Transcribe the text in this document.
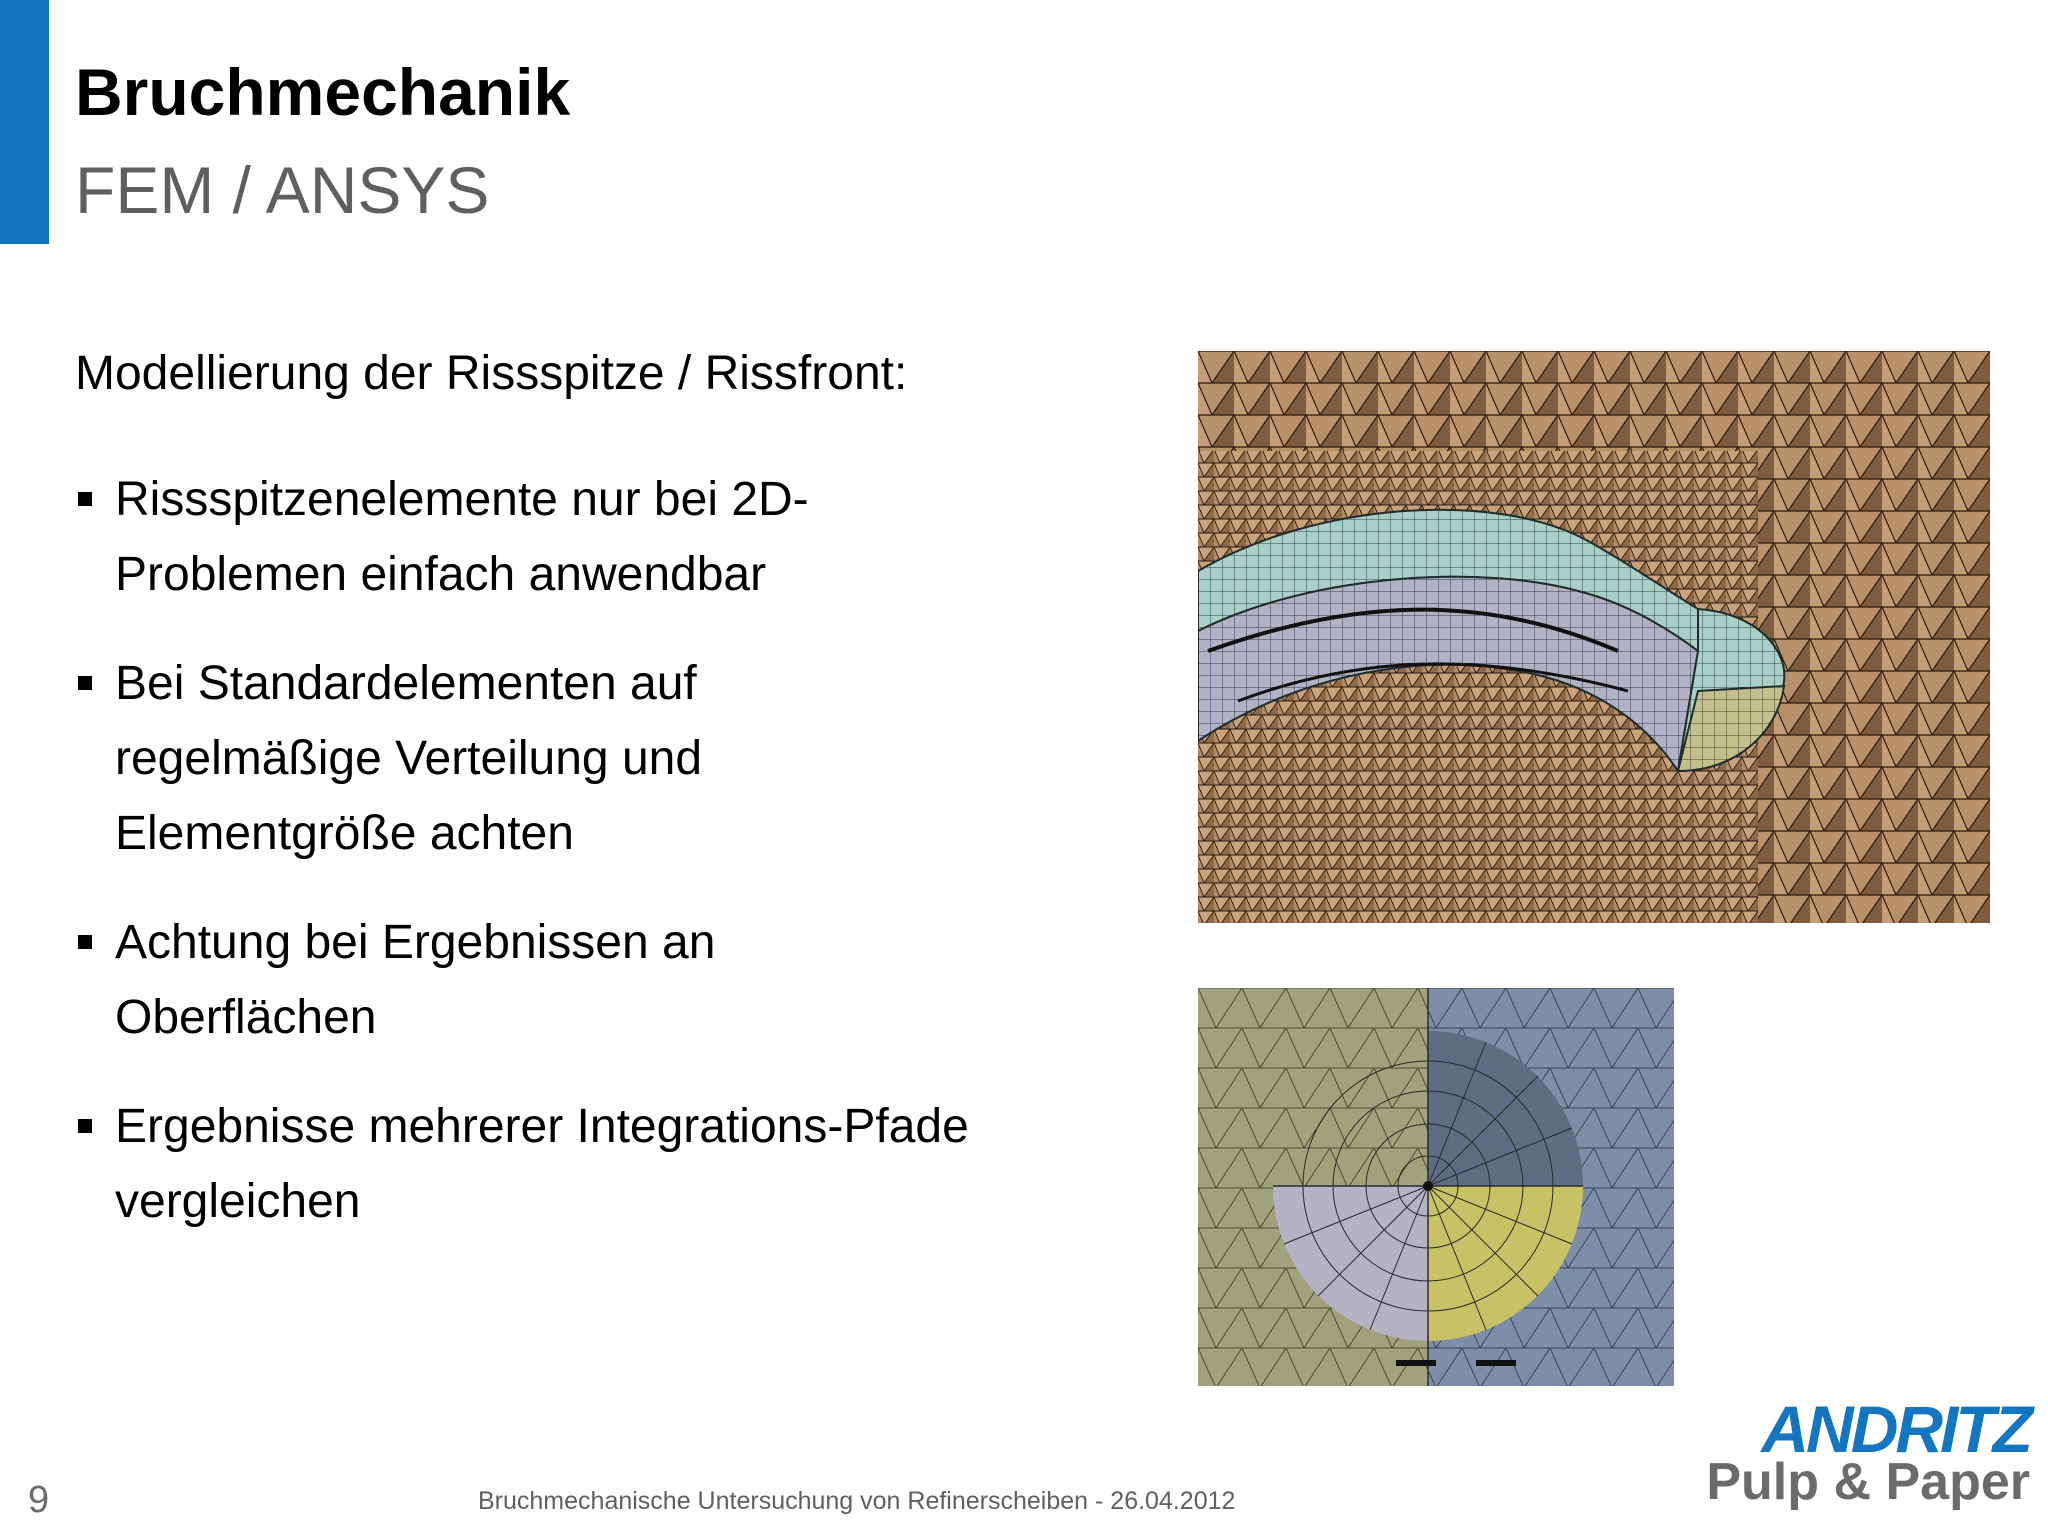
Bruchmechanik
FEM / ANSYS
Modellierung der Rissspitze / Rissfront:
Rissspitzenelemente nur bei 2D-
Problemen einfach anwendbar
Bei Standardelementen auf
regelmäßige Verteilung und
Elementgröße achten
Achtung bei Ergebnissen an
Oberflächen
Ergebnisse mehrerer Integrations-Pfade
vergleichen
ANDRITZ
Pulp & Paper
9	Bruchmechanische Untersuchung von Refinerscheiben - 26.04.2012
